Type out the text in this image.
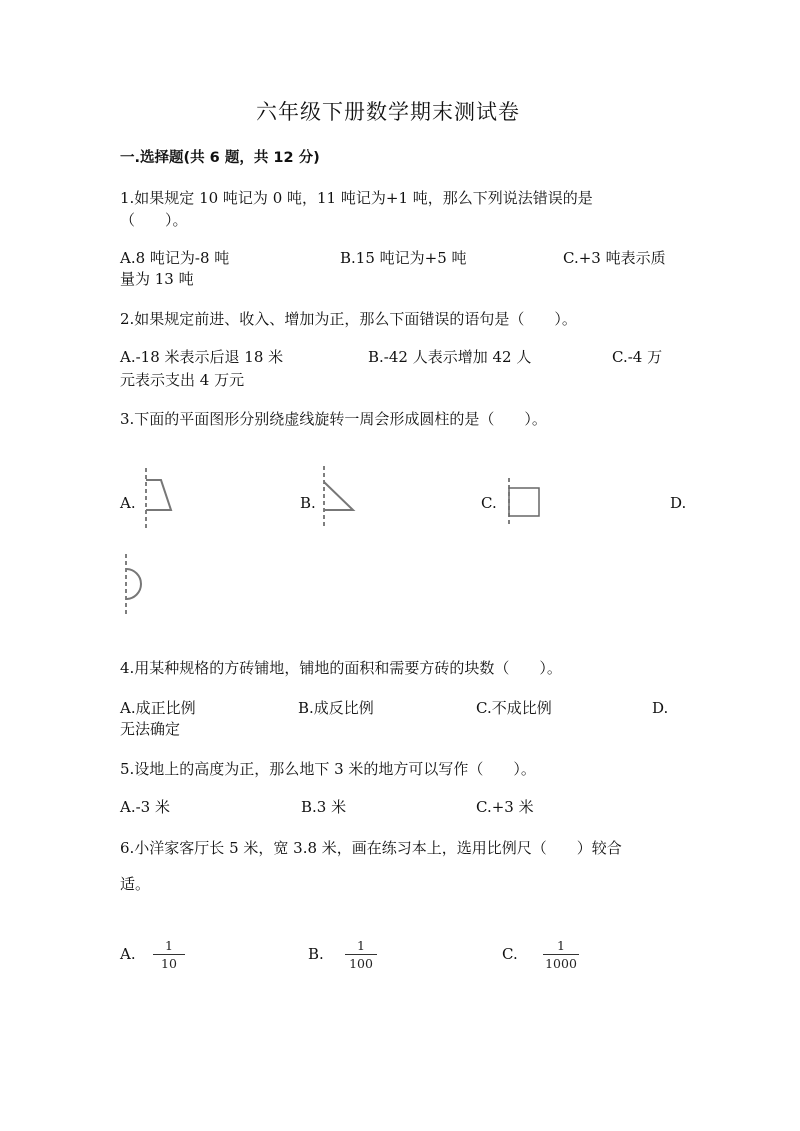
六年级下册数学期末测试卷
一.选择题(共 6 题，共 12 分)
1.如果规定 10 吨记为 0 吨，11 吨记为+1 吨，那么下列说法错误的是
（　　）。
A.8 吨记为-8 吨	B.15 吨记为+5 吨	C.+3 吨表示质
量为 13 吨
2.如果规定前进、收入、增加为正，那么下面错误的语句是（　　）。
A.-18 米表示后退 18 米	B.-42 人表示增加 42 人	C.-4 万
元表示支出 4 万元
3.下面的平面图形分别绕虚线旋转一周会形成圆柱的是（　　）。
A.	B.	C.	D.
4.用某种规格的方砖铺地，铺地的面积和需要方砖的块数（　　）。
A.成正比例	B.成反比例	C.不成比例	D.
无法确定
5.设地上的高度为正，那么地下 3 米的地方可以写作（　　）。
A.-3 米	B.3 米	C.+3 米
6.小洋家客厅长 5 米，宽 3.8 米，画在练习本上，选用比例尺（　　）较合
适。
A.	1
10
B.	1
100
C.	1
1000
